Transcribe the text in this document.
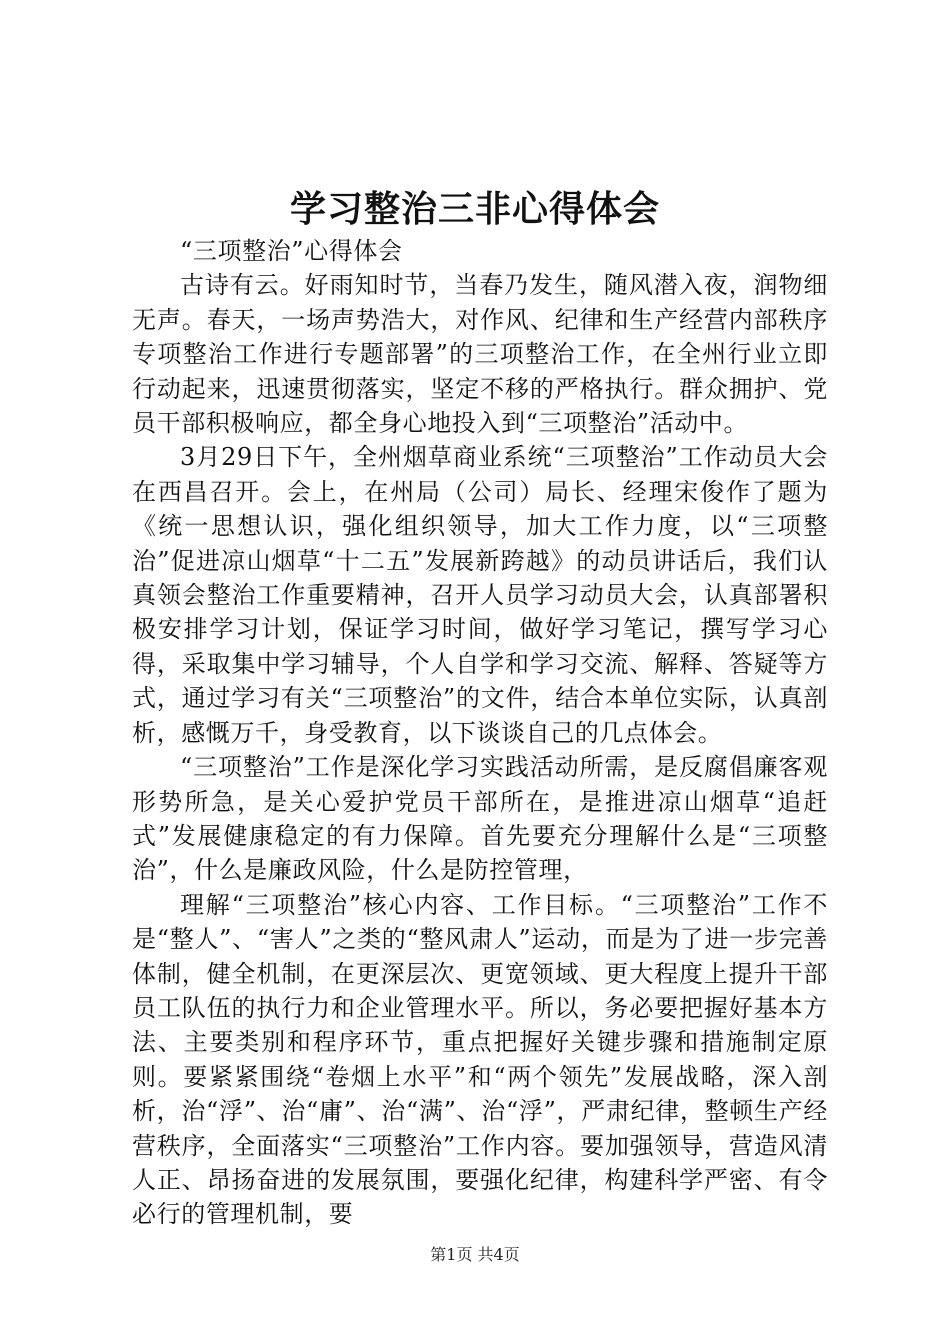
学习整治三非心得体会

“三项整治”心得体会

古诗有云。好雨知时节，当春乃发生，随风潜入夜，润物细无声。春天，一场声势浩大，对作风、纪律和生产经营内部秩序专项整治工作进行专题部署”的三项整治工作，在全州行业立即行动起来，迅速贯彻落实，坚定不移的严格执行。群众拥护、党员干部积极响应，都全身心地投入到“三项整治”活动中。

3月29日下午，全州烟草商业系统“三项整治”工作动员大会在西昌召开。会上，在州局（公司）局长、经理宋俊作了题为《统一思想认识，强化组织领导，加大工作力度，以“三项整治”促进凉山烟草“十二五”发展新跨越》的动员讲话后，我们认真领会整治工作重要精神，召开人员学习动员大会，认真部署积极安排学习计划，保证学习时间，做好学习笔记，撰写学习心得，采取集中学习辅导，个人自学和学习交流、解释、答疑等方式，通过学习有关“三项整治”的文件，结合本单位实际，认真剖析，感慨万千，身受教育，以下谈谈自己的几点体会。

“三项整治”工作是深化学习实践活动所需，是反腐倡廉客观形势所急，是关心爱护党员干部所在，是推进凉山烟草“追赶式”发展健康稳定的有力保障。首先要充分理解什么是“三项整治”，什么是廉政风险，什么是防控管理，

理解“三项整治”核心内容、工作目标。“三项整治”工作不是“整人”、“害人”之类的“整风肃人”运动，而是为了进一步完善体制，健全机制，在更深层次、更宽领域、更大程度上提升干部员工队伍的执行力和企业管理水平。所以，务必要把握好基本方法、主要类别和程序环节，重点把握好关键步骤和措施制定原则。要紧紧围绕“卷烟上水平”和“两个领先”发展战略，深入剖析，治“浮”、治“庸”、治“满”、治“浮”，严肃纪律，整顿生产经营秩序，全面落实“三项整治”工作内容。要加强领导，营造风清人正、昂扬奋进的发展氛围，要强化纪律，构建科学严密、有令必行的管理机制，要

第1页 共4页
